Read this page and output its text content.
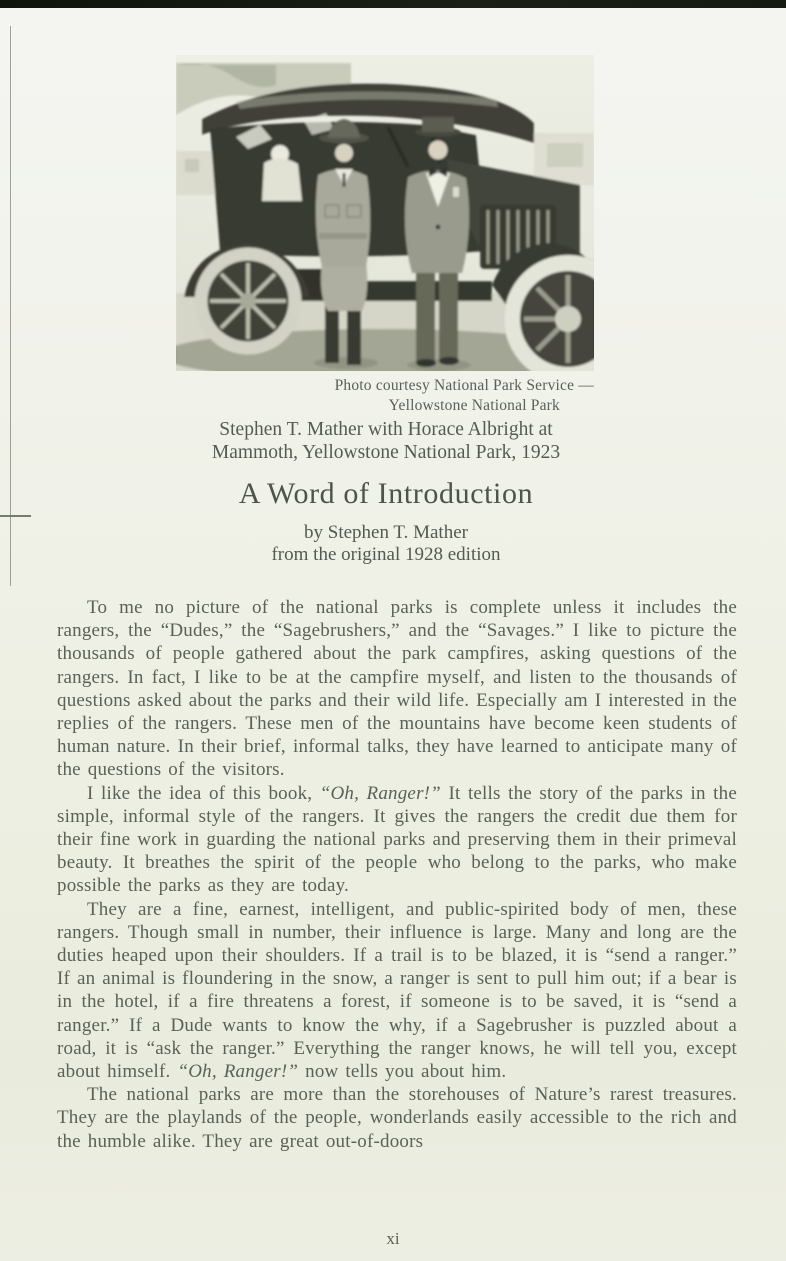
Photo courtesy National Park Service —
Yellowstone National Park
Stephen T. Mather with Horace Albright at
Mammoth, Yellowstone National Park, 1923
A Word of Introduction
by Stephen T. Mather
from the original 1928 edition

To me no picture of the national parks is complete unless it includes the rangers, the “Dudes,” the “Sagebrushers,” and the “Savages.” I like to picture the thousands of people gathered about the park campfires, asking questions of the rangers. In fact, I like to be at the campfire myself, and listen to the thousands of questions asked about the parks and their wild life. Especially am I interested in the replies of the rangers. These men of the mountains have become keen students of human nature. In their brief, informal talks, they have learned to anticipate many of the questions of the visitors.

I like the idea of this book, “Oh, Ranger!” It tells the story of the parks in the simple, informal style of the rangers. It gives the rangers the credit due them for their fine work in guarding the national parks and preserving them in their primeval beauty. It breathes the spirit of the people who belong to the parks, who make possible the parks as they are today.

They are a fine, earnest, intelligent, and public-spirited body of men, these rangers. Though small in number, their influence is large. Many and long are the duties heaped upon their shoulders. If a trail is to be blazed, it is “send a ranger.” If an animal is floundering in the snow, a ranger is sent to pull him out; if a bear is in the hotel, if a fire threatens a forest, if someone is to be saved, it is “send a ranger.” If a Dude wants to know the why, if a Sagebrusher is puzzled about a road, it is “ask the ranger.” Everything the ranger knows, he will tell you, except about himself. “Oh, Ranger!” now tells you about him.

The national parks are more than the storehouses of Nature’s rarest treasures. They are the playlands of the people, wonderlands easily accessible to the rich and the humble alike. They are great out-of-doors

xi
